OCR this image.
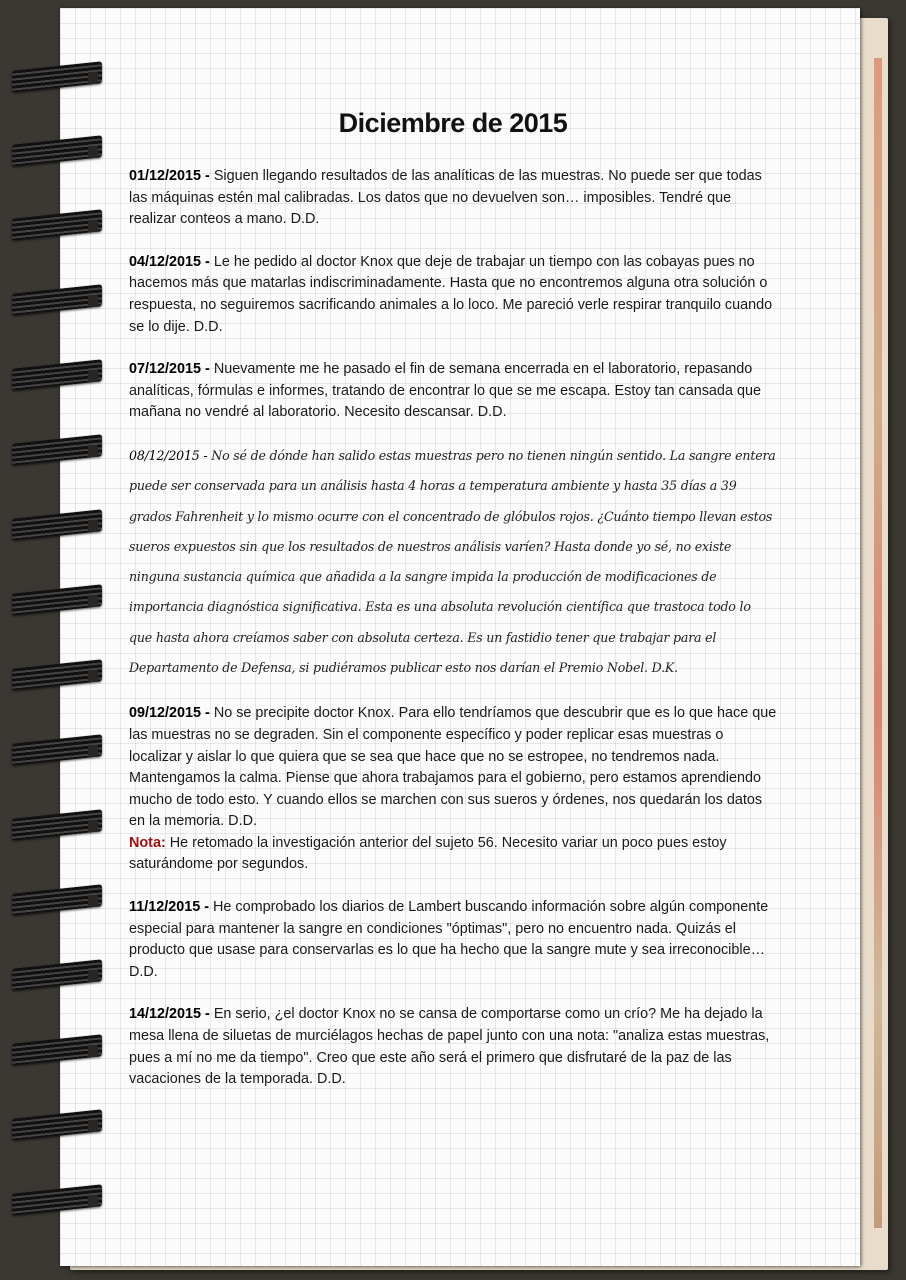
Diciembre de 2015
01/12/2015 - Siguen llegando resultados de las analíticas de las muestras. No puede ser que todas las máquinas estén mal calibradas. Los datos que no devuelven son… imposibles. Tendré que realizar conteos a mano. D.D.
04/12/2015 - Le he pedido al doctor Knox que deje de trabajar un tiempo con las cobayas pues no hacemos más que matarlas indiscriminadamente. Hasta que no encontremos alguna otra solución o respuesta, no seguiremos sacrificando animales a lo loco. Me pareció verle respirar tranquilo cuando se lo dije. D.D.
07/12/2015 - Nuevamente me he pasado el fin de semana encerrada en el laboratorio, repasando analíticas, fórmulas e informes, tratando de encontrar lo que se me escapa. Estoy tan cansada que mañana no vendré al laboratorio. Necesito descansar. D.D.
08/12/2015 - No sé de dónde han salido estas muestras pero no tienen ningún sentido. La sangre entera puede ser conservada para un análisis hasta 4 horas a temperatura ambiente y hasta 35 días a 39 grados Fahrenheit y lo mismo ocurre con el concentrado de glóbulos rojos. ¿Cuánto tiempo llevan estos sueros expuestos sin que los resultados de nuestros análisis varíen? Hasta donde yo sé, no existe ninguna sustancia química que añadida a la sangre impida la producción de modificaciones de importancia diagnóstica significativa. Esta es una absoluta revolución científica que trastoca todo lo que hasta ahora creíamos saber con absoluta certeza. Es un fastidio tener que trabajar para el Departamento de Defensa, si pudiéramos publicar esto nos darían el Premio Nobel. D.K.
09/12/2015 - No se precipite doctor Knox. Para ello tendríamos que descubrir que es lo que hace que las muestras no se degraden. Sin el componente específico y poder replicar esas muestras o localizar y aislar lo que quiera que se sea que hace que no se estropee, no tendremos nada. Mantengamos la calma. Piense que ahora trabajamos para el gobierno, pero estamos aprendiendo mucho de todo esto. Y cuando ellos se marchen con sus sueros y órdenes, nos quedarán los datos en la memoria. D.D.
Nota: He retomado la investigación anterior del sujeto 56. Necesito variar un poco pues estoy saturándome por segundos.
11/12/2015 - He comprobado los diarios de Lambert buscando información sobre algún componente especial para mantener la sangre en condiciones "óptimas", pero no encuentro nada. Quizás el producto que usase para conservarlas es lo que ha hecho que la sangre mute y sea irreconocible… D.D.
14/12/2015 - En serio, ¿el doctor Knox no se cansa de comportarse como un crío? Me ha dejado la mesa llena de siluetas de murciélagos hechas de papel junto con una nota: "analiza estas muestras, pues a mí no me da tiempo". Creo que este año será el primero que disfrutaré de la paz de las vacaciones de la temporada. D.D.
